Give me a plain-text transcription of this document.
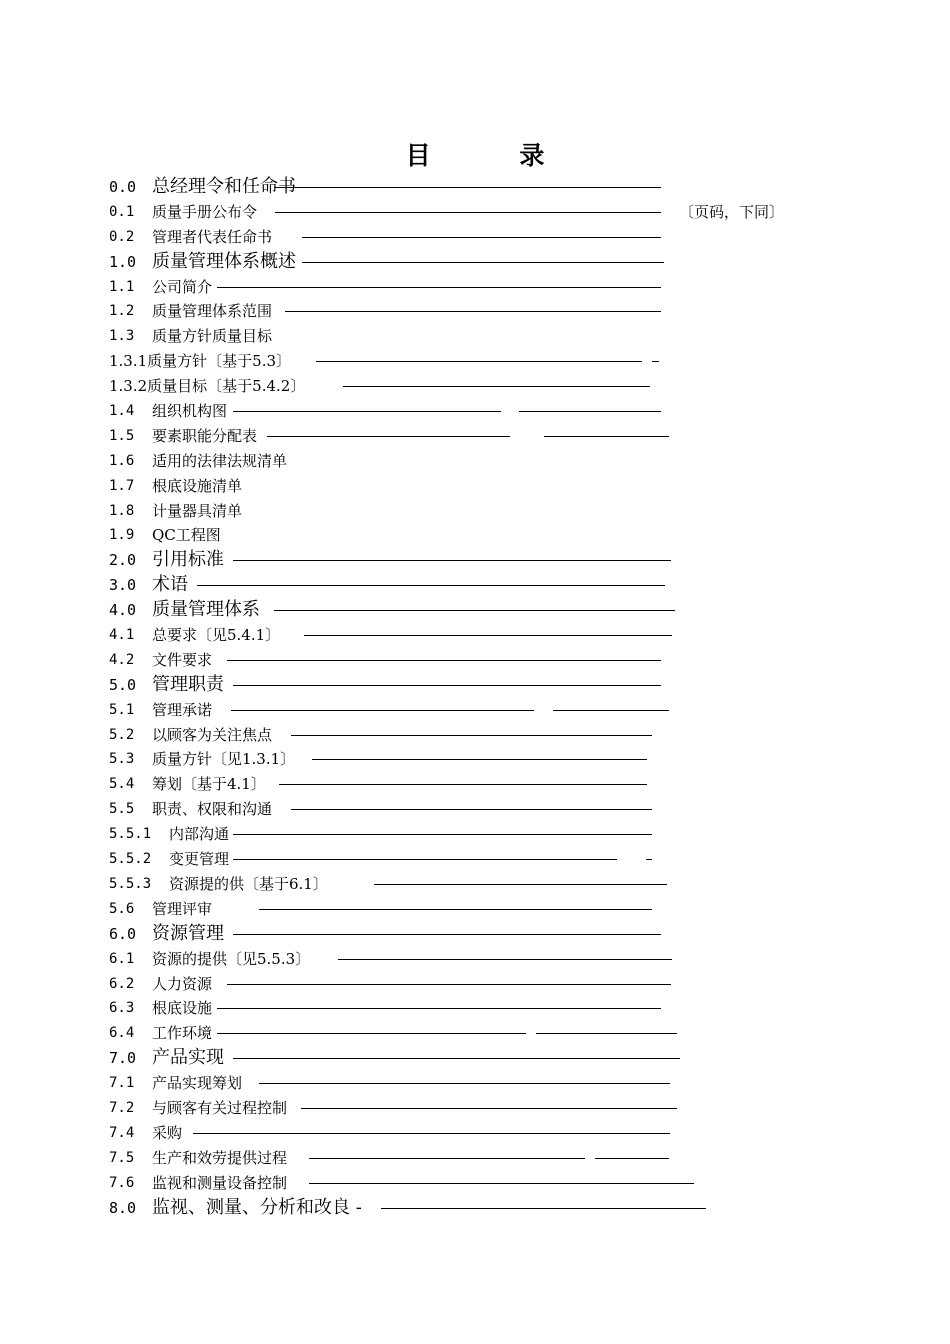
目 录
0.0 总经理令和任命书
0.1 质量手册公布令	〔页码，下同〕
0.2 管理者代表任命书
1.0 质量管理体系概述
1.1 公司简介
1.2 质量管理体系范围
1.3 质量方针质量目标
1.3.1质量方针〔基于5.3〕
1.3.2质量目标〔基于5.4.2〕
1.4 组织机构图
1.5 要素职能分配表
1.6 适用的法律法规清单
1.7 根底设施清单
1.8 计量器具清单
1.9 QC工程图
2.0 引用标准
3.0 术语
4.0 质量管理体系
4.1 总要求〔见5.4.1〕
4.2 文件要求
5.0 管理职责
5.1 管理承诺
5.2 以顾客为关注焦点
5.3 质量方针〔见1.3.1〕
5.4 筹划〔基于4.1〕
5.5 职责、权限和沟通
5.5.1 内部沟通
5.5.2 变更管理
5.5.3 资源提的供〔基于6.1〕
5.6 管理评审
6.0 资源管理
6.1 资源的提供〔见5.5.3〕
6.2 人力资源
6.3 根底设施
6.4 工作环境
7.0 产品实现
7.1 产品实现筹划
7.2 与顾客有关过程控制
7.4 采购
7.5 生产和效劳提供过程
7.6 监视和测量设备控制
8.0 监视、测量、分析和改良 -
